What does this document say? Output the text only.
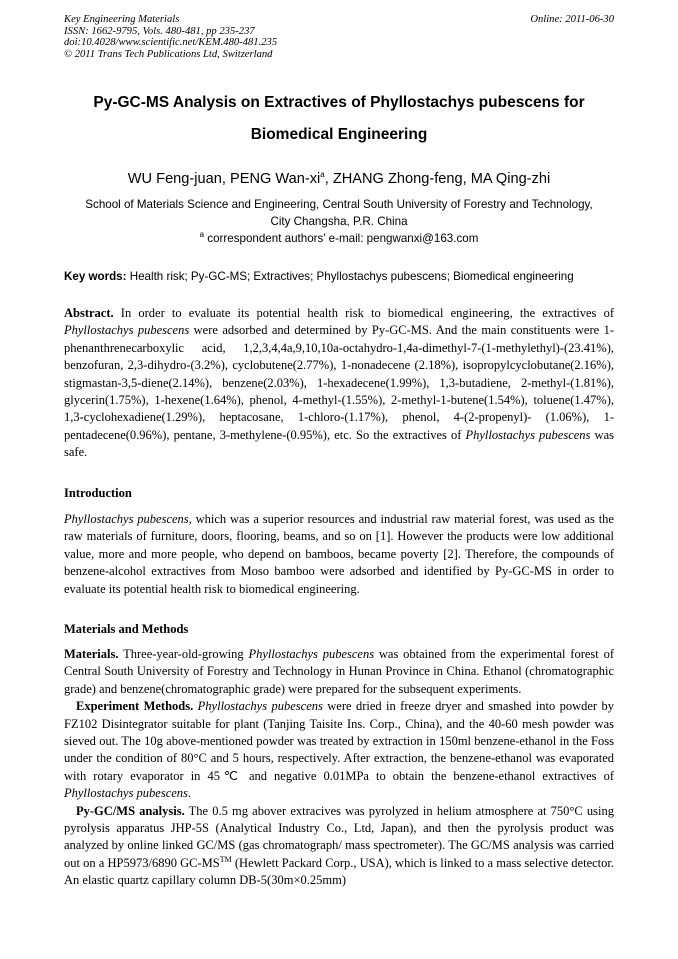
Key Engineering Materials
ISSN: 1662-9795, Vols. 480-481, pp 235-237
doi:10.4028/www.scientific.net/KEM.480-481.235
© 2011 Trans Tech Publications Ltd, Switzerland
Online: 2011-06-30
Py-GC-MS Analysis on Extractives of Phyllostachys pubescens for
Biomedical Engineering
WU Feng-juan, PENG Wan-$xi^a$, ZHANG Zhong-feng, MA Qing-zhi
School of Materials Science and Engineering, Central South University of Forestry and Technology,
City Changsha, P.R. China
$^a$ correspondent authors’ e-mail: pengwanxi@163.com
Key words: Health risk; Py-GC-MS; Extractives; Phyllostachys pubescens; Biomedical engineering
Abstract. In order to evaluate its potential health risk to biomedical engineering, the extractives of Phyllostachys pubescens were adsorbed and determined by Py-GC-MS. And the main constituents were 1-phenanthrenecarboxylic acid, 1,2,3,4,4a,9,10,10a-octahydro-1,4a-dimethyl-7-(1-methylethyl)-(23.41%), benzofuran, 2,3-dihydro-(3.2%), cyclobutene(2.77%), 1-nonadecene (2.18%), isopropylcyclobutane(2.16%), stigmastan-3,5-diene(2.14%), benzene(2.03%), 1-hexadecene(1.99%), 1,3-butadiene, 2-methyl-(1.81%), glycerin(1.75%), 1-hexene(1.64%), phenol, 4-methyl-(1.55%), 2-methyl-1-butene(1.54%), toluene(1.47%), 1,3-cyclohexadiene(1.29%), heptacosane, 1-chloro-(1.17%), phenol, 4-(2-propenyl)- (1.06%), 1-pentadecene(0.96%), pentane, 3-methylene-(0.95%), etc. So the extractives of Phyllostachys pubescens was safe.
Introduction
Phyllostachys pubescens, which was a superior resources and industrial raw material forest, was used as the raw materials of furniture, doors, flooring, beams, and so on [1]. However the products were low additional value, more and more people, who depend on bamboos, became poverty [2]. Therefore, the compounds of benzene-alcohol extractives from Moso bamboo were adsorbed and identified by Py-GC-MS in order to evaluate its potential health risk to biomedical engineering.
Materials and Methods
Materials. Three-year-old-growing Phyllostachys pubescens was obtained from the experimental forest of Central South University of Forestry and Technology in Hunan Province in China. Ethanol (chromatographic grade) and benzene(chromatographic grade) were prepared for the subsequent experiments.
Experiment Methods. Phyllostachys pubescens were dried in freeze dryer and smashed into powder by FZ102 Disintegrator suitable for plant (Tanjing Taisite Ins. Corp., China), and the 40-60 mesh powder was sieved out. The 10g above-mentioned powder was treated by extraction in 150ml benzene-ethanol in the Foss under the condition of 80°C and 5 hours, respectively. After extraction, the benzene-ethanol was evaporated with rotary evaporator in 45℃ and negative 0.01MPa to obtain the benzene-ethanol extractives of Phyllostachys pubescens.
Py-GC/MS analysis. The 0.5 mg abover extracives was pyrolyzed in helium atmosphere at 750°C using pyrolysis apparatus JHP-5S (Analytical Industry Co., Ltd, Japan), and then the pyrolysis product was analyzed by online linked GC/MS (gas chromatograph/ mass spectrometer). The GC/MS analysis was carried out on a HP5973/6890 GC-MS™ (Hewlett Packard Corp., USA), which is linked to a mass selective detector. An elastic quartz capillary column DB-5(30m×0.25mm)
